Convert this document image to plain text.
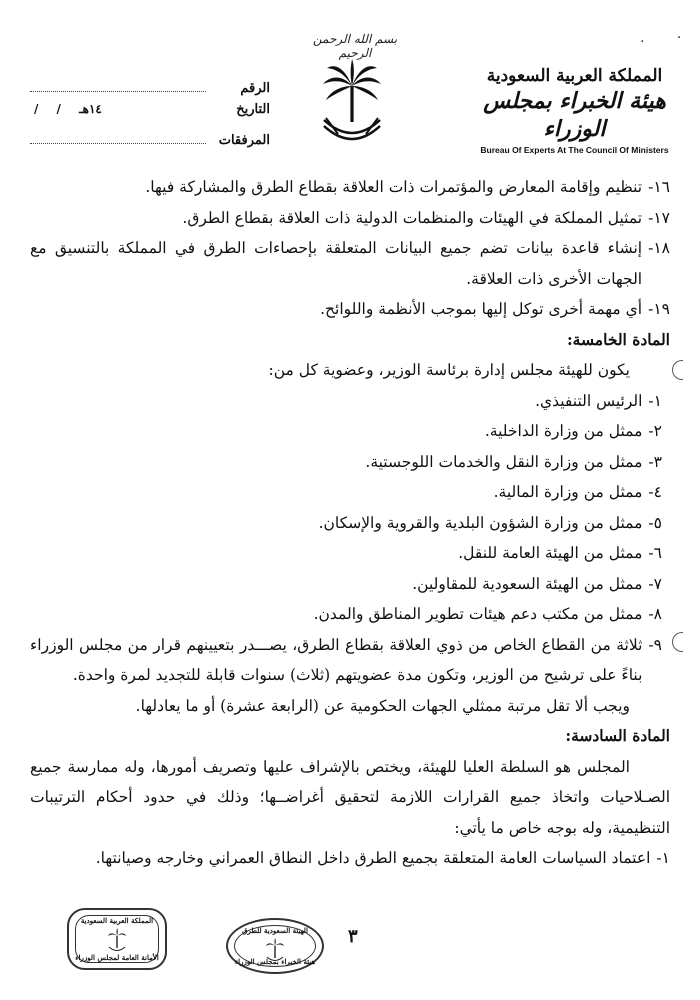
. ·
بسم الله الرحمن الرحيم
المملكة العربية السعودية
هيئة الخبراء بمجلس الوزراء
Bureau Of Experts At The Council Of Ministers
الرقم
التاريخ
/ / ١٤هـ
المرفقات
١٦-
تنظيم وإقامة المعارض والمؤتمرات ذات العلاقة بقطاع الطرق والمشاركة فيها.
١٧-
تمثيل المملكة في الهيئات والمنظمات الدولية ذات العلاقة بقطاع الطرق.
١٨-
إنشاء قاعدة بيانات تضم جميع البيانات المتعلقة بإحصاءات الطرق في المملكة بالتنسيق مع الجهات الأخرى ذات العلاقة.
١٩-
أي مهمة أخرى توكل إليها بموجب الأنظمة واللوائح.
المادة الخامسة:
يكون للهيئة مجلس إدارة برئاسة الوزير، وعضوية كل من:
١-
الرئيس التنفيذي.
٢-
ممثل من وزارة الداخلية.
٣-
ممثل من وزارة النقل والخدمات اللوجستية.
٤-
ممثل من وزارة المالية.
٥-
ممثل من وزارة الشؤون البلدية والقروية والإسكان.
٦-
ممثل من الهيئة العامة للنقل.
٧-
ممثل من الهيئة السعودية للمقاولين.
٨-
ممثل من مكتب دعم هيئات تطوير المناطق والمدن.
٩-
ثلاثة من القطاع الخاص من ذوي العلاقة بقطاع الطرق، يصـــدر بتعيينهم قرار من مجلس الوزراء بناءً على ترشيح من الوزير، وتكون مدة عضويتهم (ثلاث) سنوات قابلة للتجديد لمرة واحدة.
ويجب ألا تقل مرتبة ممثلي الجهات الحكومية عن (الرابعة عشرة) أو ما يعادلها.
المادة السادسة:
المجلس هو السلطة العليا للهيئة، ويختص بالإشراف عليها وتصريف أمورها، وله ممارسة جميع الصـلاحيات واتخاذ جميع القرارات اللازمة لتحقيق أغراضــها؛ وذلك في حدود أحكام الترتيبات التنظيمية، وله بوجه خاص ما يأتي:
١-
اعتماد السياسات العامة المتعلقة بجميع الطرق داخل النطاق العمراني وخارجه وصيانتها.
٣
الهيئة السعودية للطرق
هيئة الخبراء بمجلس الوزراء
المملكة العربية السعودية
الأمانة العامة لمجلس الوزراء
